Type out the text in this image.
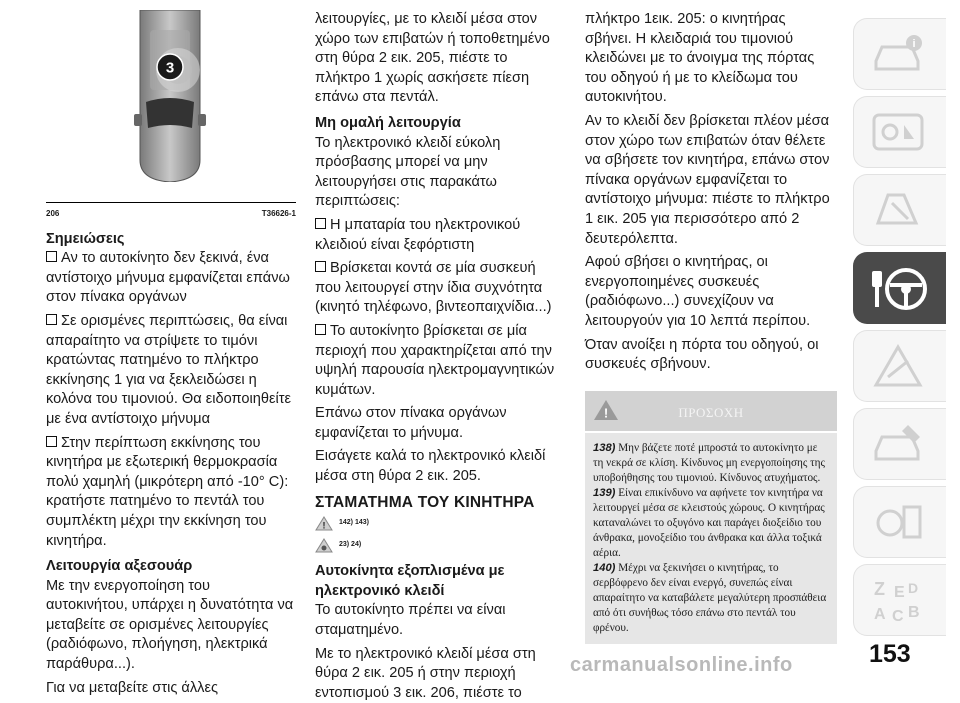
3
206	T36626-1
Σημειώσεις

Αν το αυτοκίνητο δεν ξεκινά, ένα αντίστοιχο μήνυμα εμφανίζεται επάνω στον πίνακα οργάνων

Σε ορισμένες περιπτώσεις, θα είναι απαραίτητο να στρίψετε το τιμόνι κρατώντας πατημένο το πλήκτρο εκκίνησης 1 για να ξεκλειδώσει η κολόνα του τιμονιού. Θα ειδοποιηθείτε με ένα αντίστοιχο μήνυμα

Στην περίπτωση εκκίνησης του κινητήρα με εξωτερική θερμοκρασία πολύ χαμηλή (μικρότερη από -10° C): κρατήστε πατημένο το πεντάλ του συμπλέκτη μέχρι την εκκίνηση του κινητήρα.

Λειτουργία αξεσουάρ

Με την ενεργοποίηση του αυτοκινήτου, υπάρχει η δυνατότητα να μεταβείτε σε ορισμένες λειτουργίες (ραδιόφωνο, πλοήγηση, ηλεκτρικά παράθυρα...).

Για να μεταβείτε στις άλλες

λειτουργίες, με το κλειδί μέσα στον χώρο των επιβατών ή τοποθετημένο στη θύρα 2 εικ. 205, πιέστε το πλήκτρο 1 χωρίς ασκήσετε πίεση επάνω στα πεντάλ.

Μη ομαλή λειτουργία

Το ηλεκτρονικό κλειδί εύκολη πρόσβασης μπορεί να μην λειτουργήσει στις παρακάτω περιπτώσεις:

Η μπαταρία του ηλεκτρονικού κλειδιού είναι ξεφόρτιστη

Βρίσκεται κοντά σε μία συσκευή που λειτουργεί στην ίδια συχνότητα (κινητό τηλέφωνο, βιντεοπαιχνίδια...)

Το αυτοκίνητο βρίσκεται σε μία περιοχή που χαρακτηρίζεται από την υψηλή παρουσία ηλεκτρομαγνητικών κυμάτων.

Επάνω στον πίνακα οργάνων εμφανίζεται το μήνυμα.

Εισάγετε καλά το ηλεκτρονικό κλειδί μέσα στη θύρα 2 εικ. 205.

ΣΤΑΜΑΤΗΜΑ ΤΟΥ ΚΙΝΗΤΗΡΑ
! 142) 143)
23) 24)
Αυτοκίνητα εξοπλισμένα με ηλεκτρονικό κλειδί

Το αυτοκίνητο πρέπει να είναι σταματημένο.

Με το ηλεκτρονικό κλειδί μέσα στη θύρα 2 εικ. 205 ή στην περιοχή εντοπισμού 3 εικ. 206, πιέστε το

πλήκτρο 1εικ. 205: ο κινητήρας σβήνει. Η κλειδαριά του τιμονιού κλειδώνει με το άνοιγμα της πόρτας του οδηγού ή με το κλείδωμα του αυτοκινήτου.

Αν το κλειδί δεν βρίσκεται πλέον μέσα στον χώρο των επιβατών όταν θέλετε να σβήσετε τον κινητήρα, επάνω στον πίνακα οργάνων εμφανίζεται το αντίστοιχο μήνυμα: πιέστε το πλήκτρο 1 εικ. 205 για περισσότερο από 2 δευτερόλεπτα.

Αφού σβήσει ο κινητήρας, οι ενεργοποιημένες συσκευές (ραδιόφωνο...) συνεχίζουν να λειτουργούν για 10 λεπτά περίπου.

Όταν ανοίξει η πόρτα του οδηγού, οι συσκευές σβήνουν.

!	ΠΡΟΣΟΧΗ
138) Μην βάζετε ποτέ μπροστά το αυτοκίνητο με τη νεκρά σε κλίση. Κίνδυνος μη ενεργοποίησης της υποβοήθησης του τιμονιού. Κίνδυνος ατυχήματος.
139) Είναι επικίνδυνο να αφήνετε τον κινητήρα να λειτουργεί μέσα σε κλειστούς χώρους. Ο κινητήρας καταναλώνει το οξυγόνο και παράγει διοξείδιο του άνθρακα, μονοξείδιο του άνθρακα και άλλα τοξικά αέρια.
140) Μέχρι να ξεκινήσει ο κινητήρας, το σερβόφρενο δεν είναι ενεργό, συνεπώς είναι απαραίτητο να καταβάλετε μεγαλύτερη προσπάθεια από ότι συνήθως τόσο επάνω στο πεντάλ του φρένου.
i
Z E D
A C B
153
carmanualsonline.info
